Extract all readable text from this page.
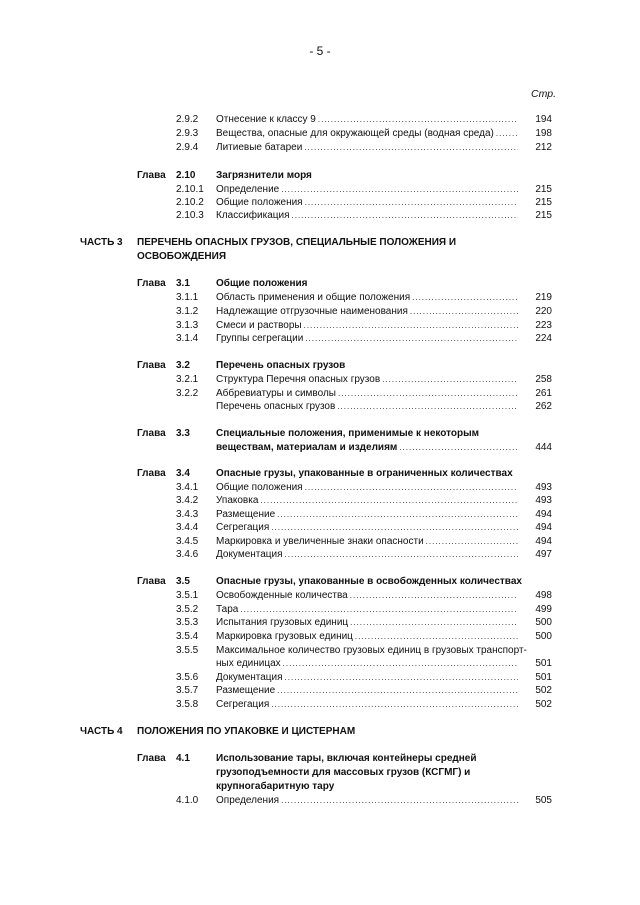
- 5 -
Стр.
2.9.2 Отнесение к классу 9 .....	194
2.9.3 Вещества, опасные для окружающей среды (водная среда) .....	198
2.9.4 Литиевые батареи .....	212
Глава 2.10 Загрязнители моря
2.10.1 Определение .....	215
2.10.2 Общие положения .....	215
2.10.3 Классификация .....	215
ЧАСТЬ 3 ПЕРЕЧЕНЬ ОПАСНЫХ ГРУЗОВ, СПЕЦИАЛЬНЫЕ ПОЛОЖЕНИЯ И ОСВОБОЖДЕНИЯ
Глава 3.1	Общие положения
3.1.1 Область применения и общие положения .....	219
3.1.2 Надлежащие отгрузочные наименования .....	220
3.1.3 Смеси и растворы .....	223
3.1.4 Группы сегрегации .....	224
Глава 3.2	Перечень опасных грузов
3.2.1 Структура Перечня опасных грузов .....	258
3.2.2 Аббревиатуры и символы .....	261
Перечень опасных грузов .....	262
Глава 3.3	Специальные положения, применимые к некоторым
веществам, материалам и изделиям .....	444
Глава 3.4	Опасные грузы, упакованные в ограниченных количествах
3.4.1 Общие положения .....	493
3.4.2 Упаковка .....	493
3.4.3 Размещение .....	494
3.4.4 Сегрегация .....	494
3.4.5 Маркировка и увеличенные знаки опасности .....	494
3.4.6 Документация .....	497
Глава 3.5	Опасные грузы, упакованные в освобожденных количествах
3.5.1 Освобожденные количества .....	498
3.5.2 Тара .....	499
3.5.3 Испытания грузовых единиц .....	500
3.5.4 Маркировка грузовых единиц .....	500
3.5.5 Максимальное количество грузовых единиц в грузовых транспорт-
ных единицах .....	501
3.5.6 Документация .....	501
3.5.7 Размещение .....	502
3.5.8 Сегрегация .....	502
ЧАСТЬ 4 ПОЛОЖЕНИЯ ПО УПАКОВКЕ И ЦИСТЕРНАМ
Глава 4.1	Использование тары, включая контейнеры средней
грузоподъемности для массовых грузов (КСГМГ) и
крупногабаритную тару
4.1.0 Определения .....	505
